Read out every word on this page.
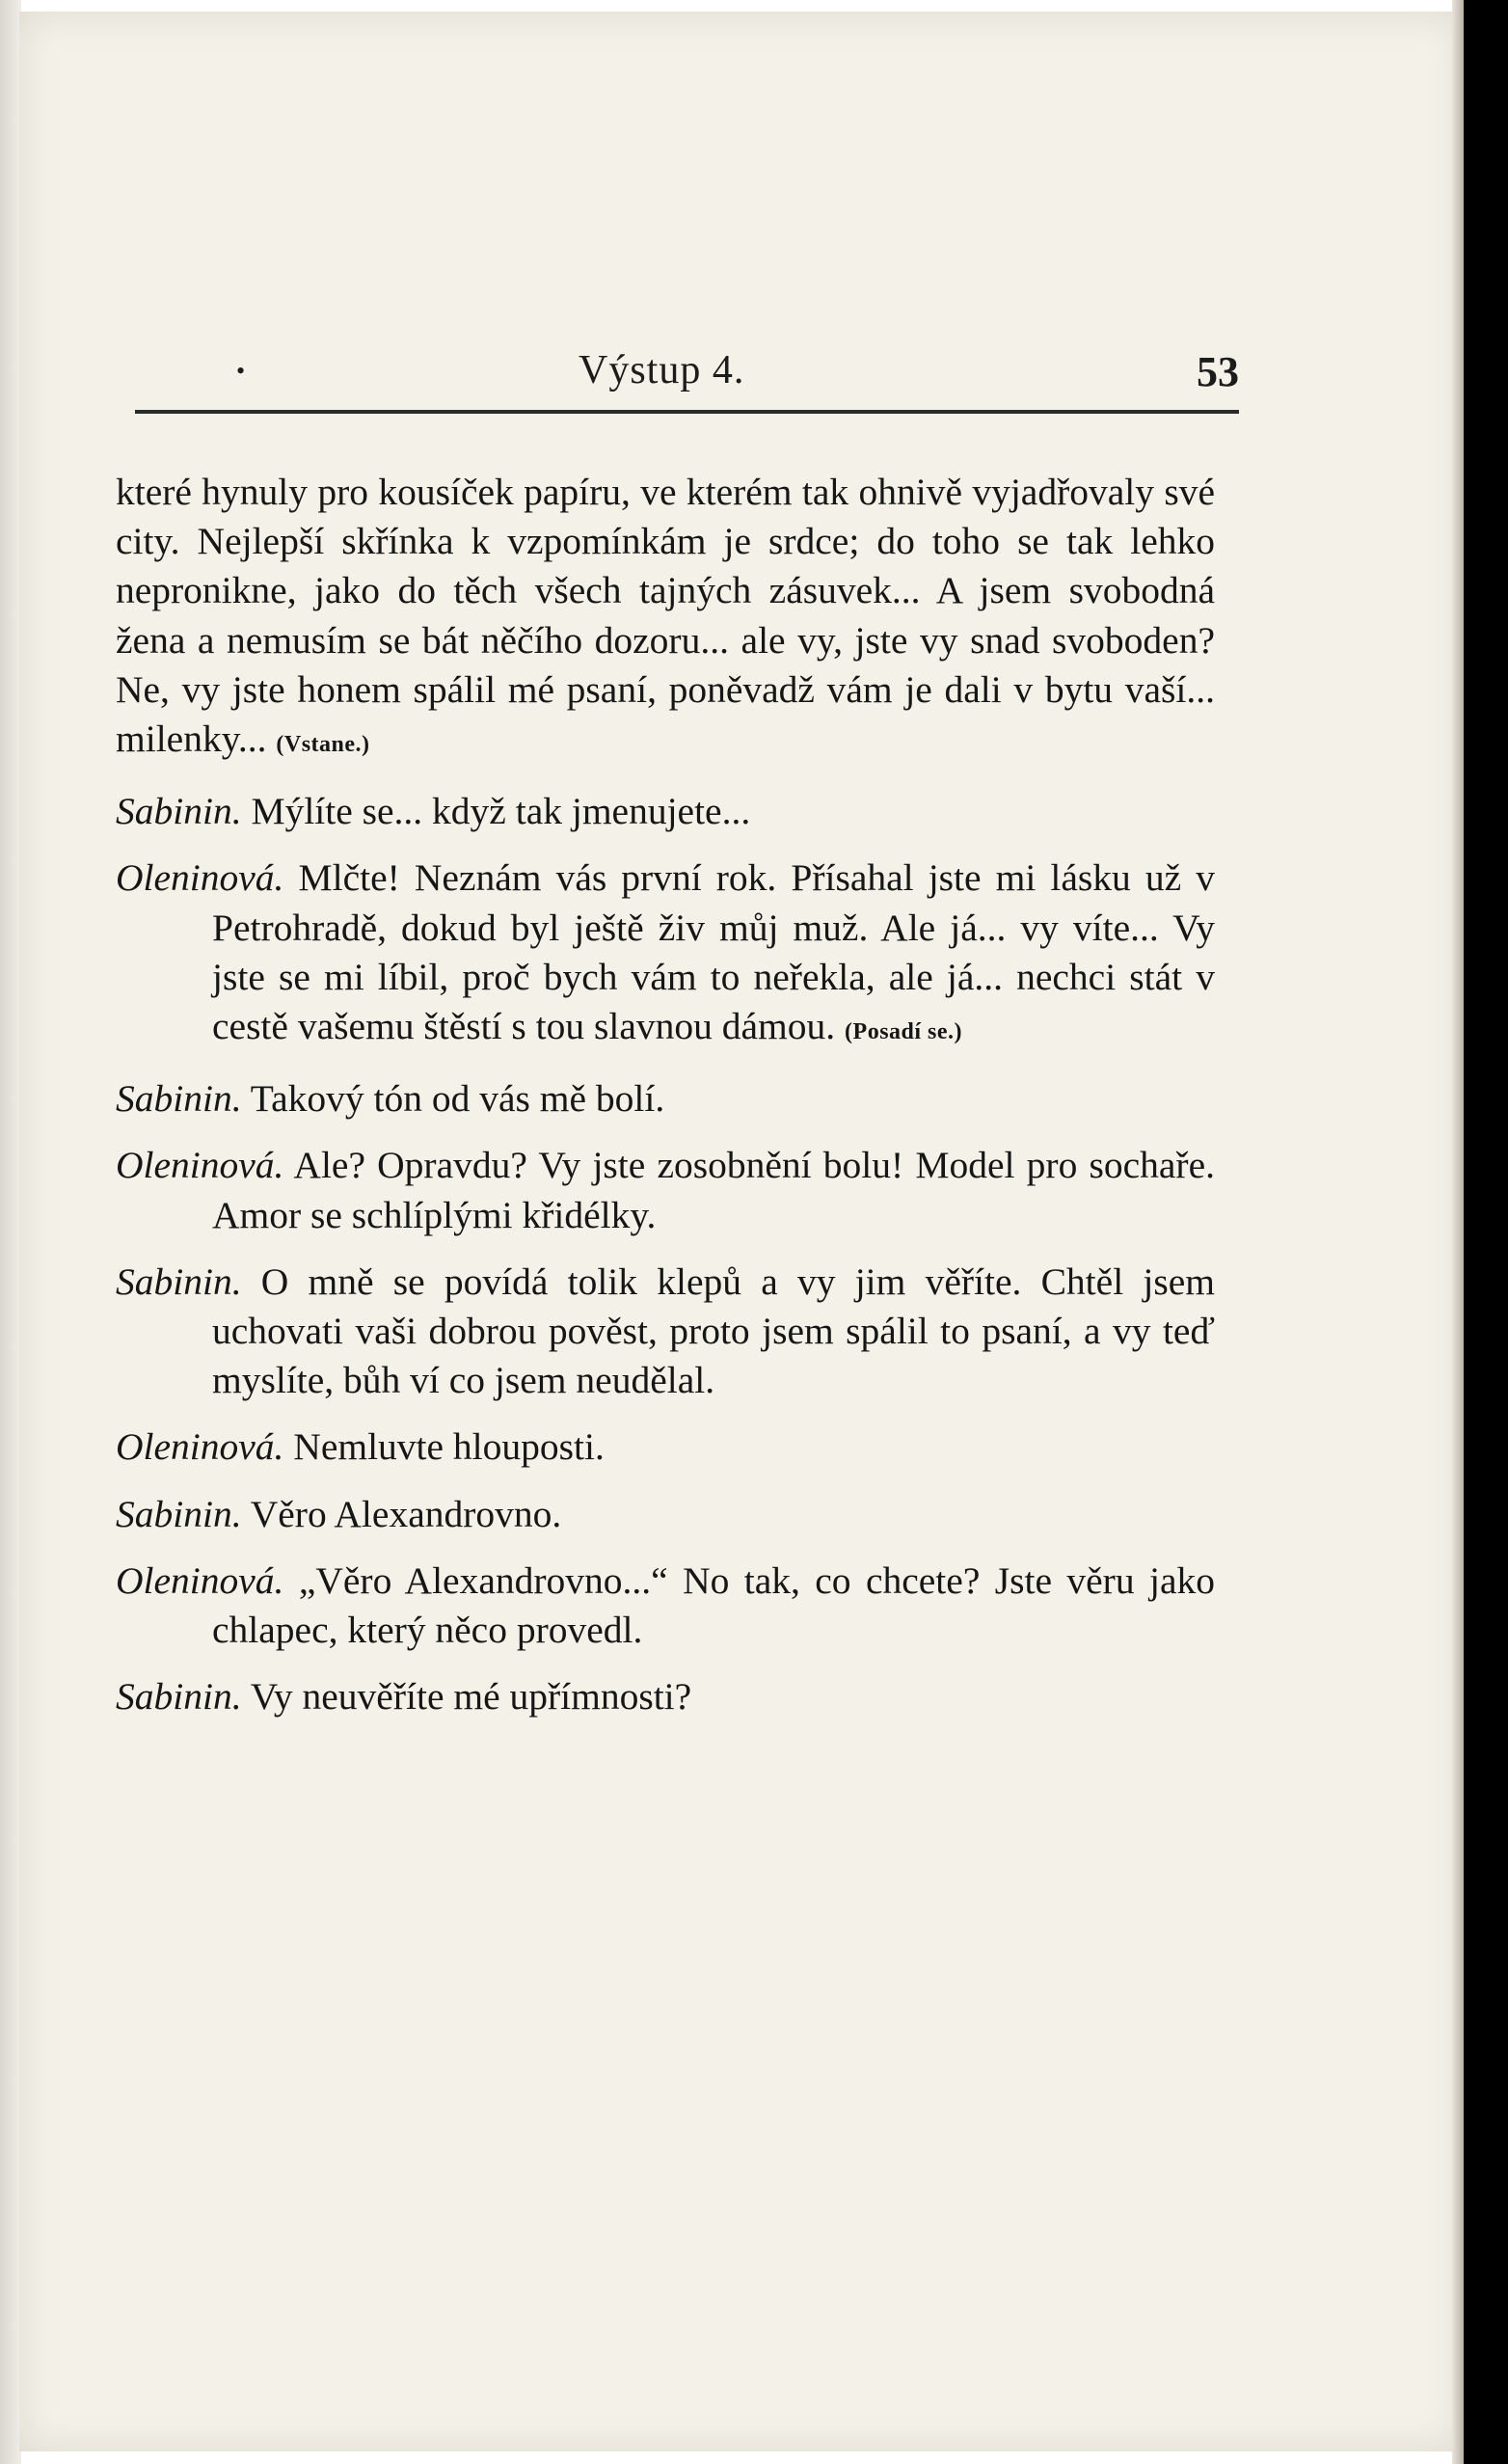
•	Výstup 4.	53

které hynuly pro kousíček papíru, ve kterém tak ohnivě vyjadřovaly své city. Nejlepší skřínka k vzpomínkám je srdce; do toho se tak lehko nepronikne, jako do těch všech tajných zásuvek... A jsem svobodná žena a nemusím se bát něčího dozoru... ale vy, jste vy snad svoboden? Ne, vy jste honem spálil mé psaní, poněvadž vám je dali v bytu vaší... milenky... (Vstane.)

Sabinin. Mýlíte se... když tak jmenujete...

Oleninová. Mlčte! Neznám vás první rok. Přísahal jste mi lásku už v Petrohradě, dokud byl ještě živ můj muž. Ale já... vy víte... Vy jste se mi líbil, proč bych vám to neřekla, ale já... nechci stát v cestě vašemu štěstí s tou slavnou dámou. (Posadí se.)

Sabinin. Takový tón od vás mě bolí.

Oleninová. Ale? Opravdu? Vy jste zosobnění bolu! Model pro sochaře. Amor se schlíplými křidélky.

Sabinin. O mně se povídá tolik klepů a vy jim věříte. Chtěl jsem uchovati vaši dobrou pověst, proto jsem spálil to psaní, a vy teď myslíte, bůh ví co jsem neudělal.

Oleninová. Nemluvte hlouposti.

Sabinin. Věro Alexandrovno.

Oleninová. „Věro Alexandrovno...“ No tak, co chcete? Jste věru jako chlapec, který něco provedl.

Sabinin. Vy neuvěříte mé upřímnosti?
